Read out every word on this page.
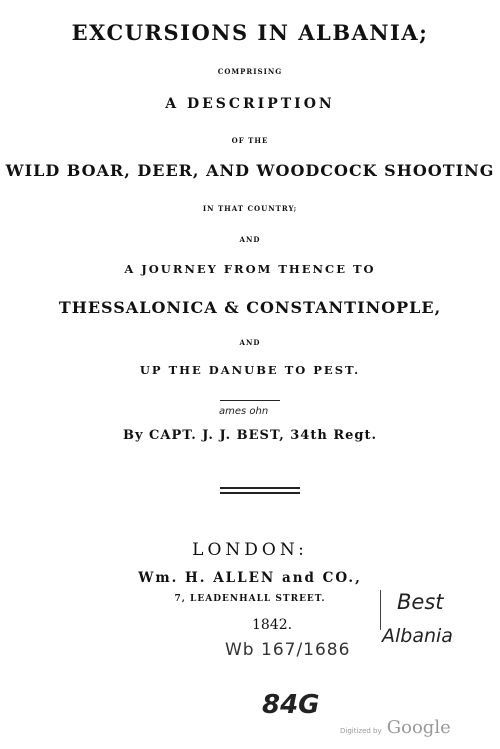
EXCURSIONS IN ALBANIA;
COMPRISING
A DESCRIPTION
OF THE
WILD BOAR, DEER, AND WOODCOCK SHOOTING
IN THAT COUNTRY;
AND
A JOURNEY FROM THENCE TO
THESSALONICA & CONSTANTINOPLE,
AND
UP THE DANUBE TO PEST.
ames ohn
By CAPT. J. J. BEST, 34th Regt.
LONDON:
Wm. H. ALLEN and CO.,
7, LEADENHALL STREET.
1842.
Wb 167/1686
Best
Albania
84G
Digitized by Google
